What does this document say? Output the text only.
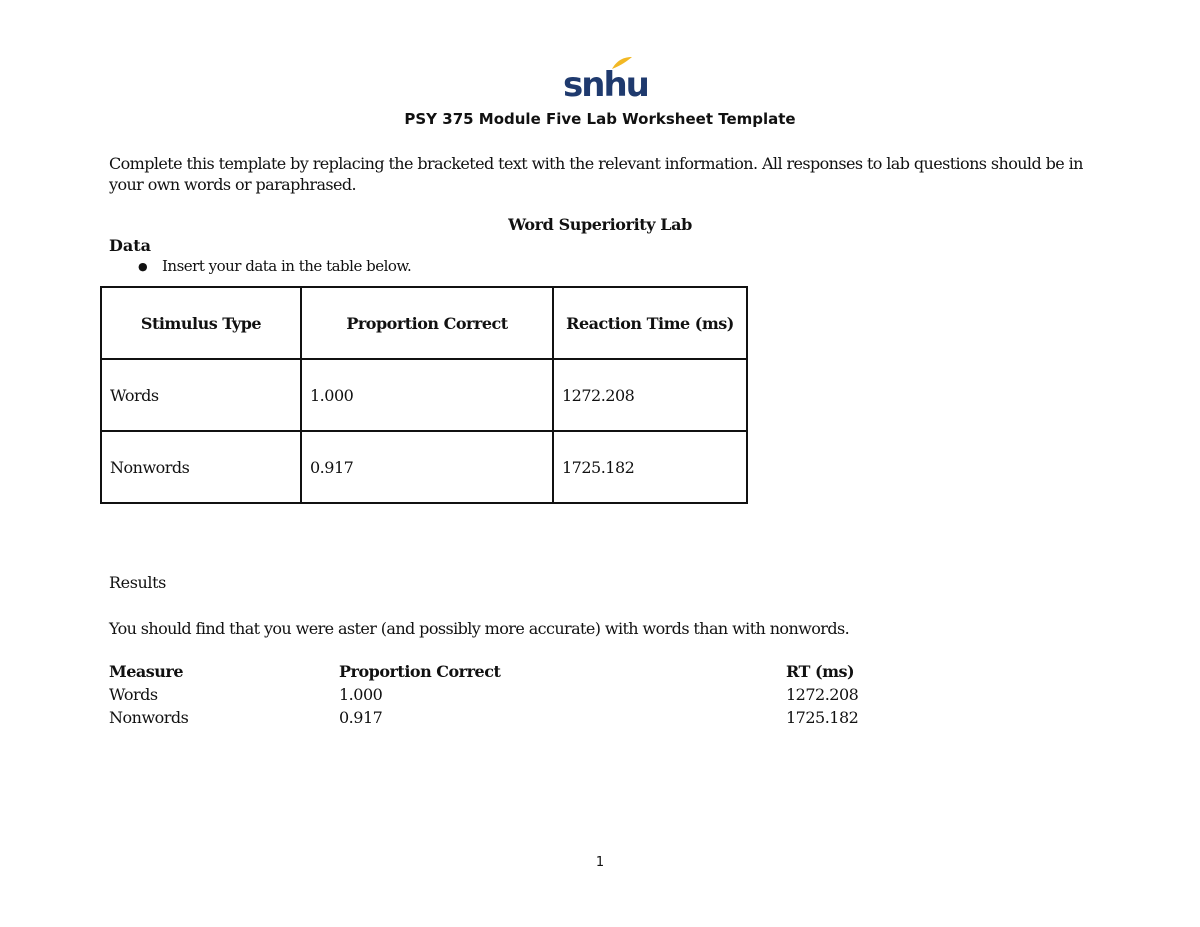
snhu
PSY 375 Module Five Lab Worksheet Template
Complete this template by replacing the bracketed text with the relevant information. All responses to lab questions should be in your own words or paraphrased.
Word Superiority Lab
Data
● Insert your data in the table below.
Stimulus Type	Proportion Correct	Reaction Time (ms)
Words	1.000	1272.208
Nonwords	0.917	1725.182
Results
You should find that you were aster (and possibly more accurate) with words than with nonwords.
Measure	Proportion Correct	RT (ms)
Words	1.000	1272.208
Nonwords	0.917	1725.182
1
